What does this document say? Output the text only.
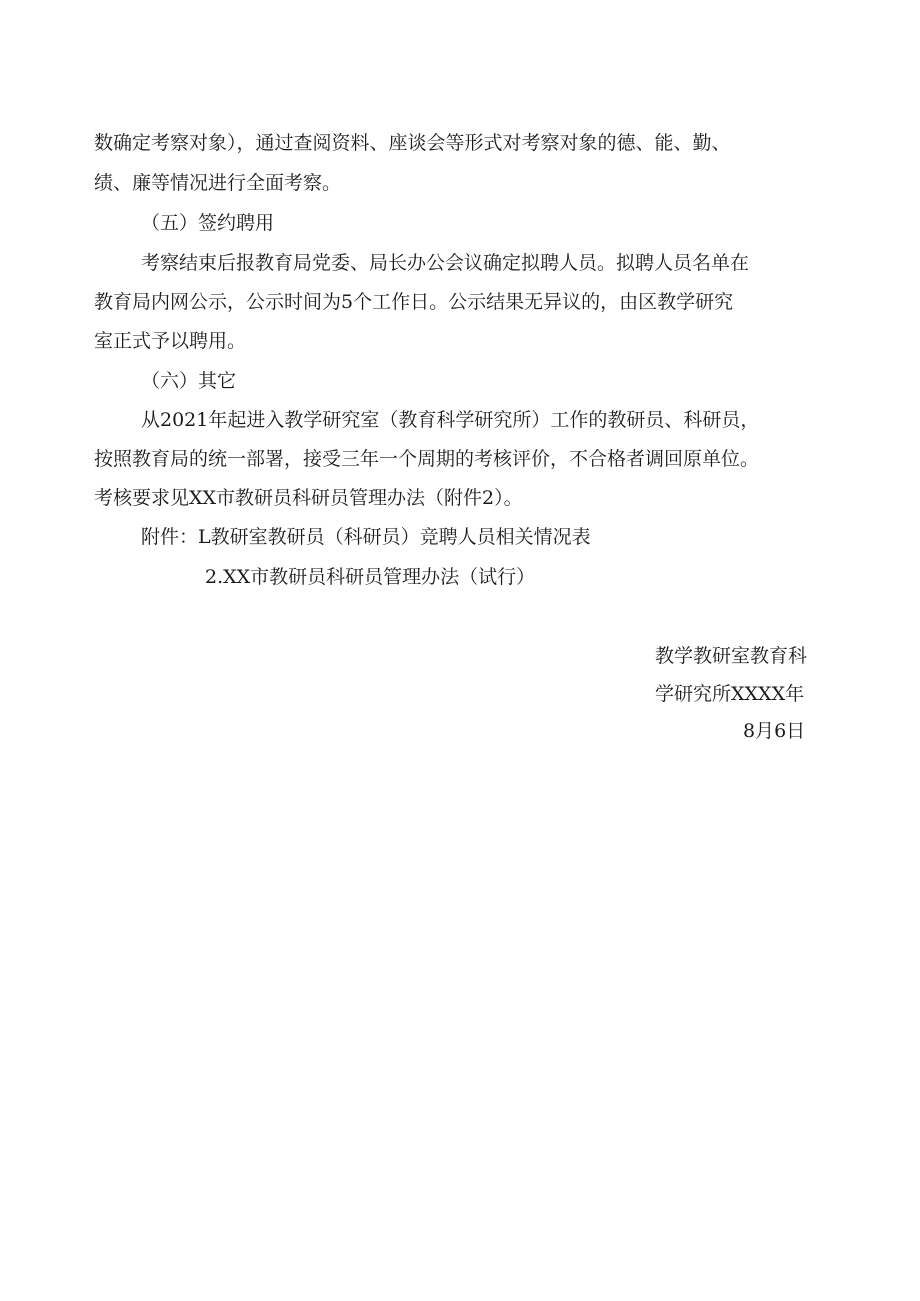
数确定考察对象），通过查阅资料、座谈会等形式对考察对象的德、能、勤、
绩、廉等情况进行全面考察。
（五）签约聘用
考察结束后报教育局党委、局长办公会议确定拟聘人员。拟聘人员名单在
教育局内网公示，公示时间为5个工作日。公示结果无异议的，由区教学研究
室正式予以聘用。
（六）其它
从2021年起进入教学研究室（教育科学研究所）工作的教研员、科研员，
按照教育局的统一部署，接受三年一个周期的考核评价，不合格者调回原单位。
考核要求见XX市教研员科研员管理办法（附件2）。
附件：L教研室教研员（科研员）竞聘人员相关情况表
2.XX市教研员科研员管理办法（试行）
教学教研室教育科
学研究所XXXX年
8月6日
